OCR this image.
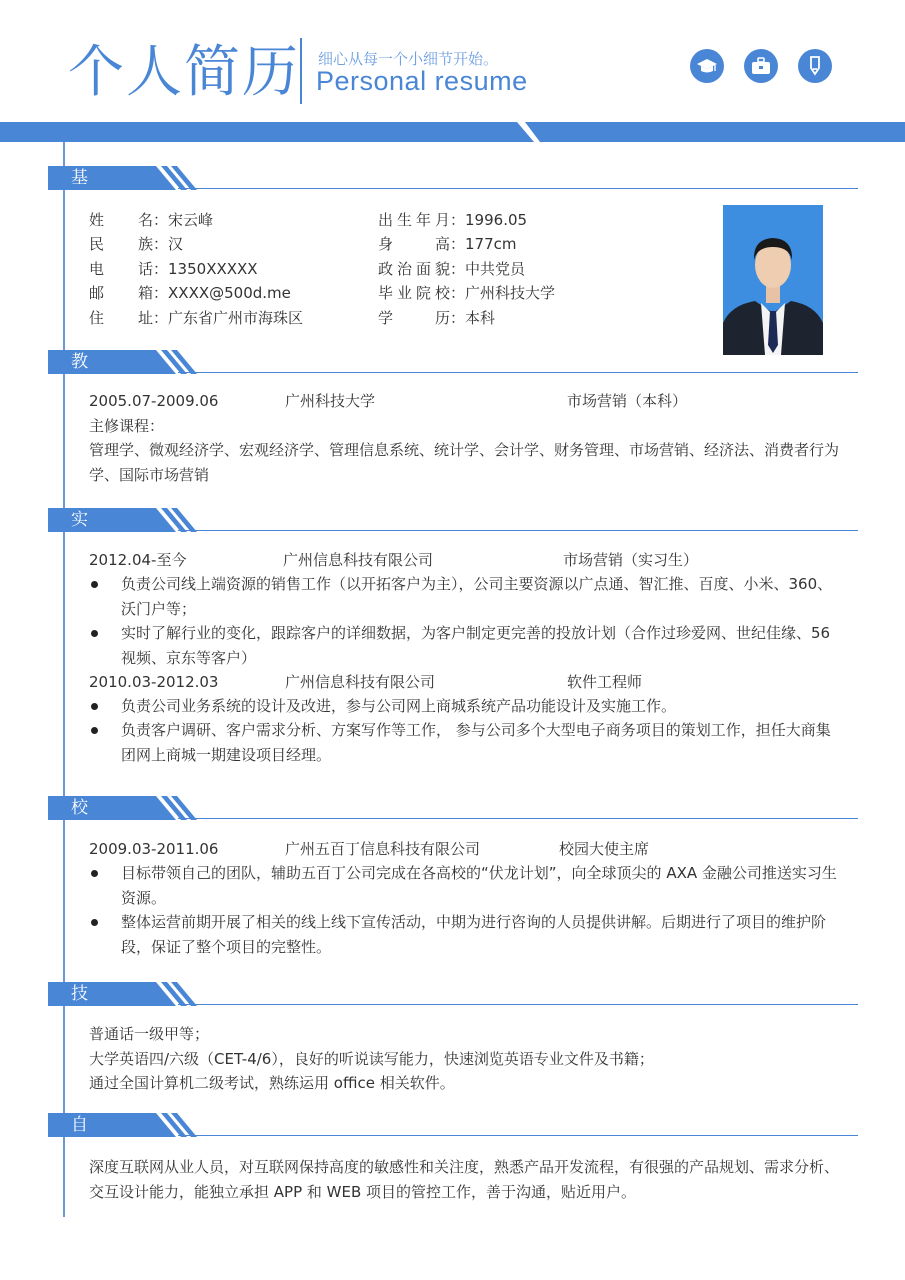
个人简历 细心从每一个小细节开始。
Personal resume
基本信息
姓 名：宋云峰
民 族：汉
电 话：1350XXXXX
邮 箱：XXXX@500d.me
住 址：广东省广州市海珠区
出生年月：1996.05
身 高：177cm
政治面貌：中共党员
毕业院校：广州科技大学
学 历：本科
教育背景
2005.07-2009.06	广州科技大学	市场营销（本科）
主修课程：
管理学、微观经济学、宏观经济学、管理信息系统、统计学、会计学、财务管理、市场营销、经济法、消费者行为学、国际市场营销
实习经历
2012.04-至今	广州信息科技有限公司	市场营销（实习生）
负责公司线上端资源的销售工作（以开拓客户为主），公司主要资源以广点通、智汇推、百度、小米、360、沃门户等；
实时了解行业的变化，跟踪客户的详细数据，为客户制定更完善的投放计划（合作过珍爱网、世纪佳缘、56视频、京东等客户）
2010.03-2012.03	广州信息科技有限公司	软件工程师
负责公司业务系统的设计及改进，参与公司网上商城系统产品功能设计及实施工作。
负责客户调研、客户需求分析、方案写作等工作， 参与公司多个大型电子商务项目的策划工作，担任大商集团网上商城一期建设项目经理。
校园经历
2009.03-2011.06	广州五百丁信息科技有限公司	校园大使主席
目标带领自己的团队，辅助五百丁公司完成在各高校的“伏龙计划”，向全球顶尖的 AXA 金融公司推送实习生资源。
整体运营前期开展了相关的线上线下宣传活动，中期为进行咨询的人员提供讲解。后期进行了项目的维护阶段，保证了整个项目的完整性。
技能证书
普通话一级甲等；
大学英语四/六级（CET-4/6），良好的听说读写能力，快速浏览英语专业文件及书籍；
通过全国计算机二级考试，熟练运用 office 相关软件。
自我评价
深度互联网从业人员，对互联网保持高度的敏感性和关注度，熟悉产品开发流程，有很强的产品规划、需求分析、交互设计能力，能独立承担 APP 和 WEB 项目的管控工作，善于沟通，贴近用户。
